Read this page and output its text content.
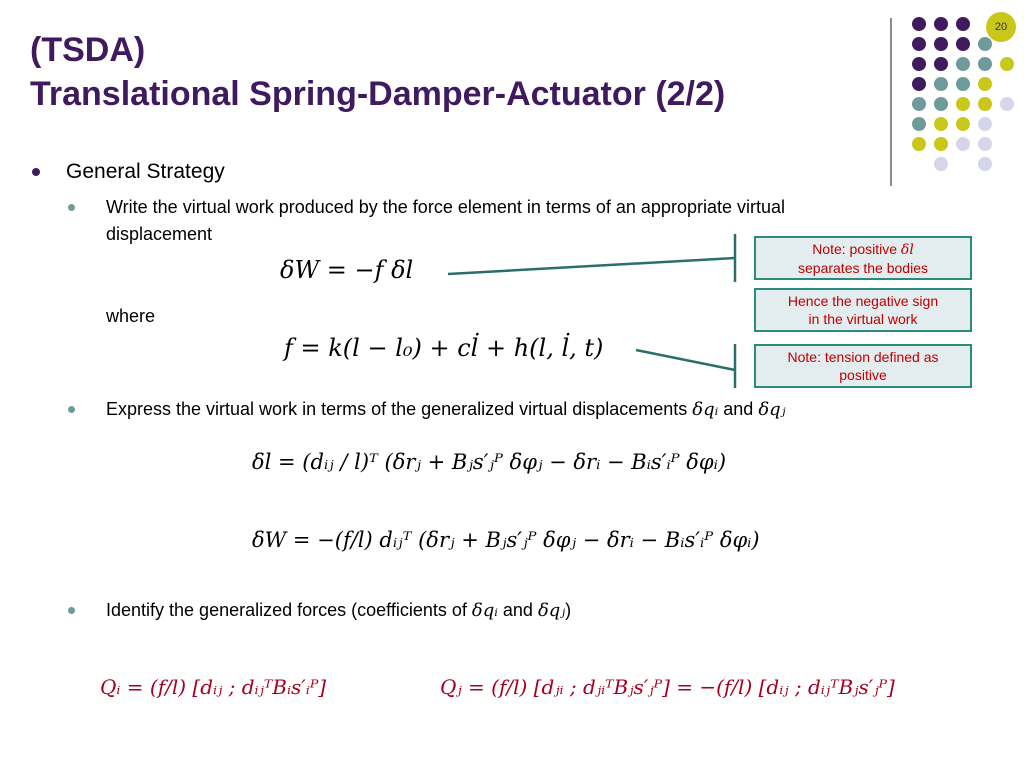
20
(TSDA)
Translational Spring-Damper-Actuator (2/2)
General Strategy
Write the virtual work produced by the force element in terms of an appropriate virtual
displacement
δW = −f δl
where
f = k(l − l₀) + cl̇ + h(l, l̇, t)
Express the virtual work in terms of the generalized virtual displacements δqᵢ and δqⱼ
δl = (dᵢⱼ / l)ᵀ (δrⱼ + Bⱼs′ⱼᴾ δφⱼ − δrᵢ − Bᵢs′ᵢᴾ δφᵢ)
δW = −(f/l) dᵢⱼᵀ (δrⱼ + Bⱼs′ⱼᴾ δφⱼ − δrᵢ − Bᵢs′ᵢᴾ δφᵢ)
Identify the generalized forces (coefficients of δqᵢ and δqⱼ)
Qᵢ = (f/l) [dᵢⱼ ; dᵢⱼᵀBᵢs′ᵢᴾ]	Qⱼ = (f/l) [dⱼᵢ ; dⱼᵢᵀBⱼs′ⱼᴾ] = −(f/l) [dᵢⱼ ; dᵢⱼᵀBⱼs′ⱼᴾ]
Note: positive δl
separates the bodies
Hence the negative sign
in the virtual work
Note: tension defined as
positive
